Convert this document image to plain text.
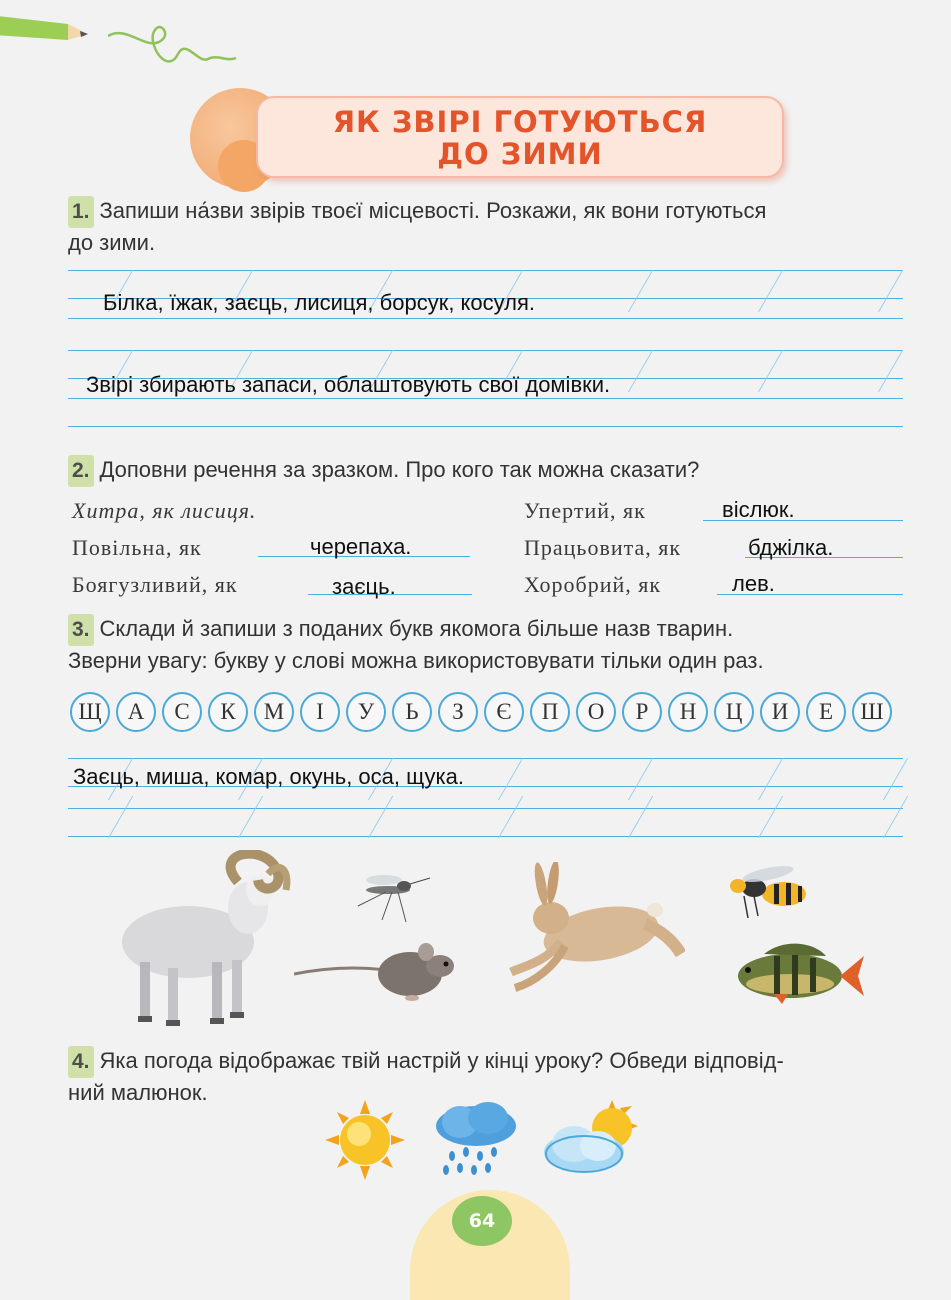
ЯК ЗВІРІ ГОТУЮТЬСЯ
ДО ЗИМИ
1. Запиши на́зви звірів твоєї місцевості. Розкажи, як вони готуються
до зими.
Білка, їжак, заєць, лисиця, борсук, косуля.
Звірі збирають запаси, облаштовують свої домівки.
2. Доповни речення за зразком. Про кого так можна сказати?
Хитра, як лисиця.
Повільна, як	черепаха.
Боягузливий, як	заєць.
Упертий, як	віслюк.
Працьовита, як	бджілка.
Хоробрий, як	лев.
3. Склади й запиши з поданих букв якомога більше назв тварин.
Зверни увагу: букву у слові можна використовувати тільки один раз.
Щ	А	С	К	М	І	У	Ь	З	Є	П	О	Р	Н	Ц	И	Е	Ш
Заєць, миша, комар, окунь, оса, щука.
4. Яка погода відображає твій настрій у кінці уроку? Обведи відповід-
ний малюнок.
64
